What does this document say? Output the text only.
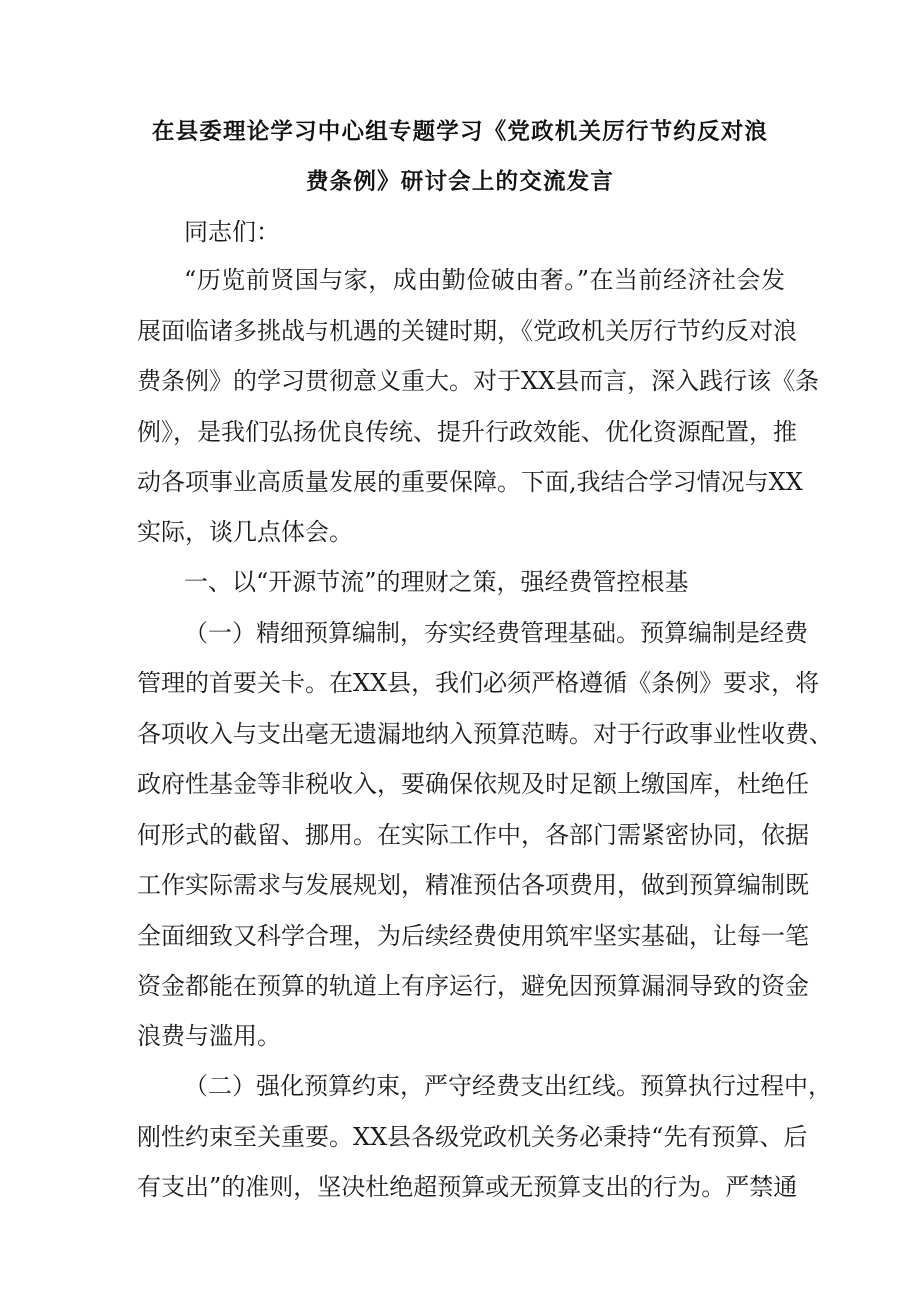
在县委理论学习中心组专题学习《党政机关厉行节约反对浪
费条例》研讨会上的交流发言
同志们：
“历览前贤国与家，成由勤俭破由奢。”在当前经济社会发
展面临诸多挑战与机遇的关键时期，《党政机关厉行节约反对浪
费条例》的学习贯彻意义重大。对于XX县而言，深入践行该《条
例》，是我们弘扬优良传统、提升行政效能、优化资源配置，推
动各项事业高质量发展的重要保障。下面,我结合学习情况与XX
实际，谈几点体会。
一、以“开源节流”的理财之策，强经费管控根基
（一）精细预算编制，夯实经费管理基础。预算编制是经费
管理的首要关卡。在XX县，我们必须严格遵循《条例》要求，将
各项收入与支出毫无遗漏地纳入预算范畴。对于行政事业性收费、
政府性基金等非税收入，要确保依规及时足额上缴国库，杜绝任
何形式的截留、挪用。在实际工作中，各部门需紧密协同，依据
工作实际需求与发展规划，精准预估各项费用，做到预算编制既
全面细致又科学合理，为后续经费使用筑牢坚实基础，让每一笔
资金都能在预算的轨道上有序运行，避免因预算漏洞导致的资金
浪费与滥用。
（二）强化预算约束，严守经费支出红线。预算执行过程中，
刚性约束至关重要。XX县各级党政机关务必秉持“先有预算、后
有支出”的准则，坚决杜绝超预算或无预算支出的行为。严禁通
